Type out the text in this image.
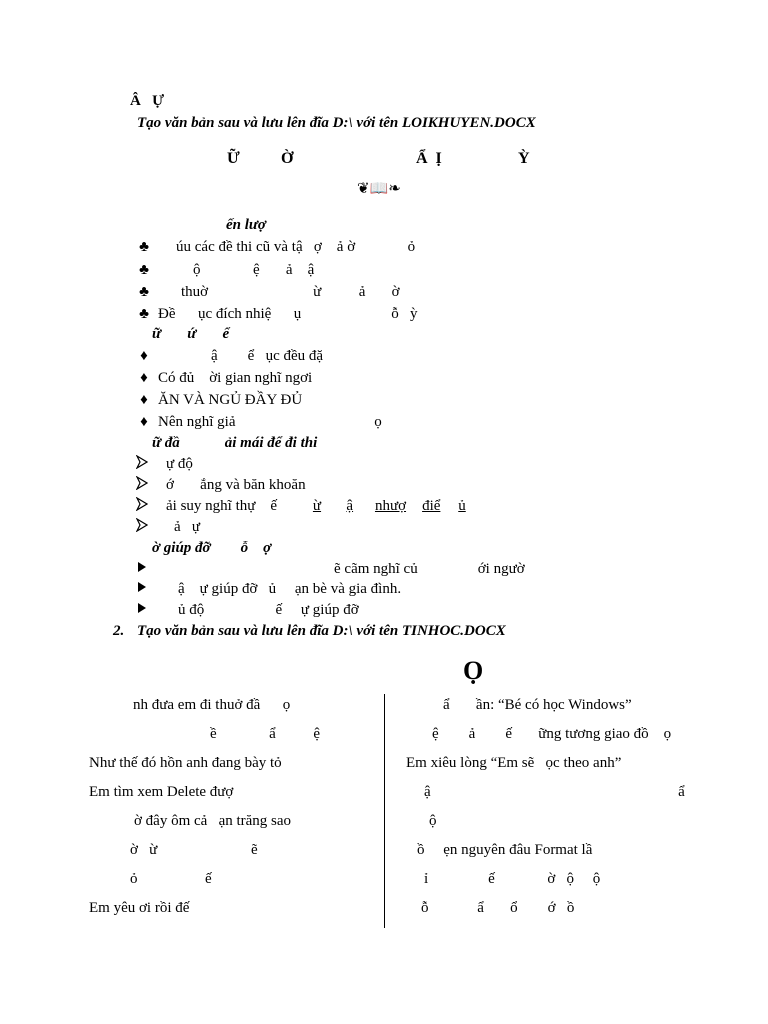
Â   Ự
Tạo văn bản sau và lưu lên đĩa D:\ với tên LOIKHUYEN.DOCX
Ữ	Ờ	Ẩ  Ị	Ỳ
❦📖❧
ến lượ
♣ úu các đề thi cũ và tậ   ợ    ả ờ              ỏ
♣	ộ              ệ       ả    ậ
♣ thuờ                            ừ          ả       ờ
♣ Đề      ục đích nhiệ      ụ                        ỗ   ỳ
ữ       ứ       ể
♦	ậ        ể   ục đều đặ
♦ Có đủ    ời gian nghĩ ngơi
♦ ĂN VÀ NGỦ ĐẦY ĐỦ
♦ Nên nghĩ giả                                     ọ
ữ đầ            ải mái để đi thi
ự độ
ớ       ắng và băn khoăn
ải suy nghĩ thự    ế	ừ ậ nhượ điể ủ
ả   ự
ờ giúp đỡ        ỗ    ợ
ẽ cãm nghĩ củ                ới ngườ
ậ    ự giúp đỡ   ủ     ạn bè và gia đình.
ủ độ                   ế     ự giúp đỡ
2. Tạo văn bản sau và lưu lên đĩa D:\ với tên TINHOC.DOCX
Ọ
nh đưa em đi thuở đầ      ọ
ề              ẩ          ệ
Như thế đó hồn anh đang bày tỏ
Em tìm xem Delete đượ
ờ đây ôm cả   ạn trăng sao
ờ   ừ                         ẽ
ỏ                  ế
Em yêu ơi rồi đế
ẩ       ần: “Bé có học Windows”
ệ        ả        ế       ững tương giao đồ    ọ
Em xiêu lòng “Em sẽ   ọc theo anh”
ậ                                                                  ẩ
ộ
ồ     ẹn nguyên đâu Format lầ
ỉ                ế              ờ   ộ     ộ
ỗ             ẩ       ổ        ớ   ồ
